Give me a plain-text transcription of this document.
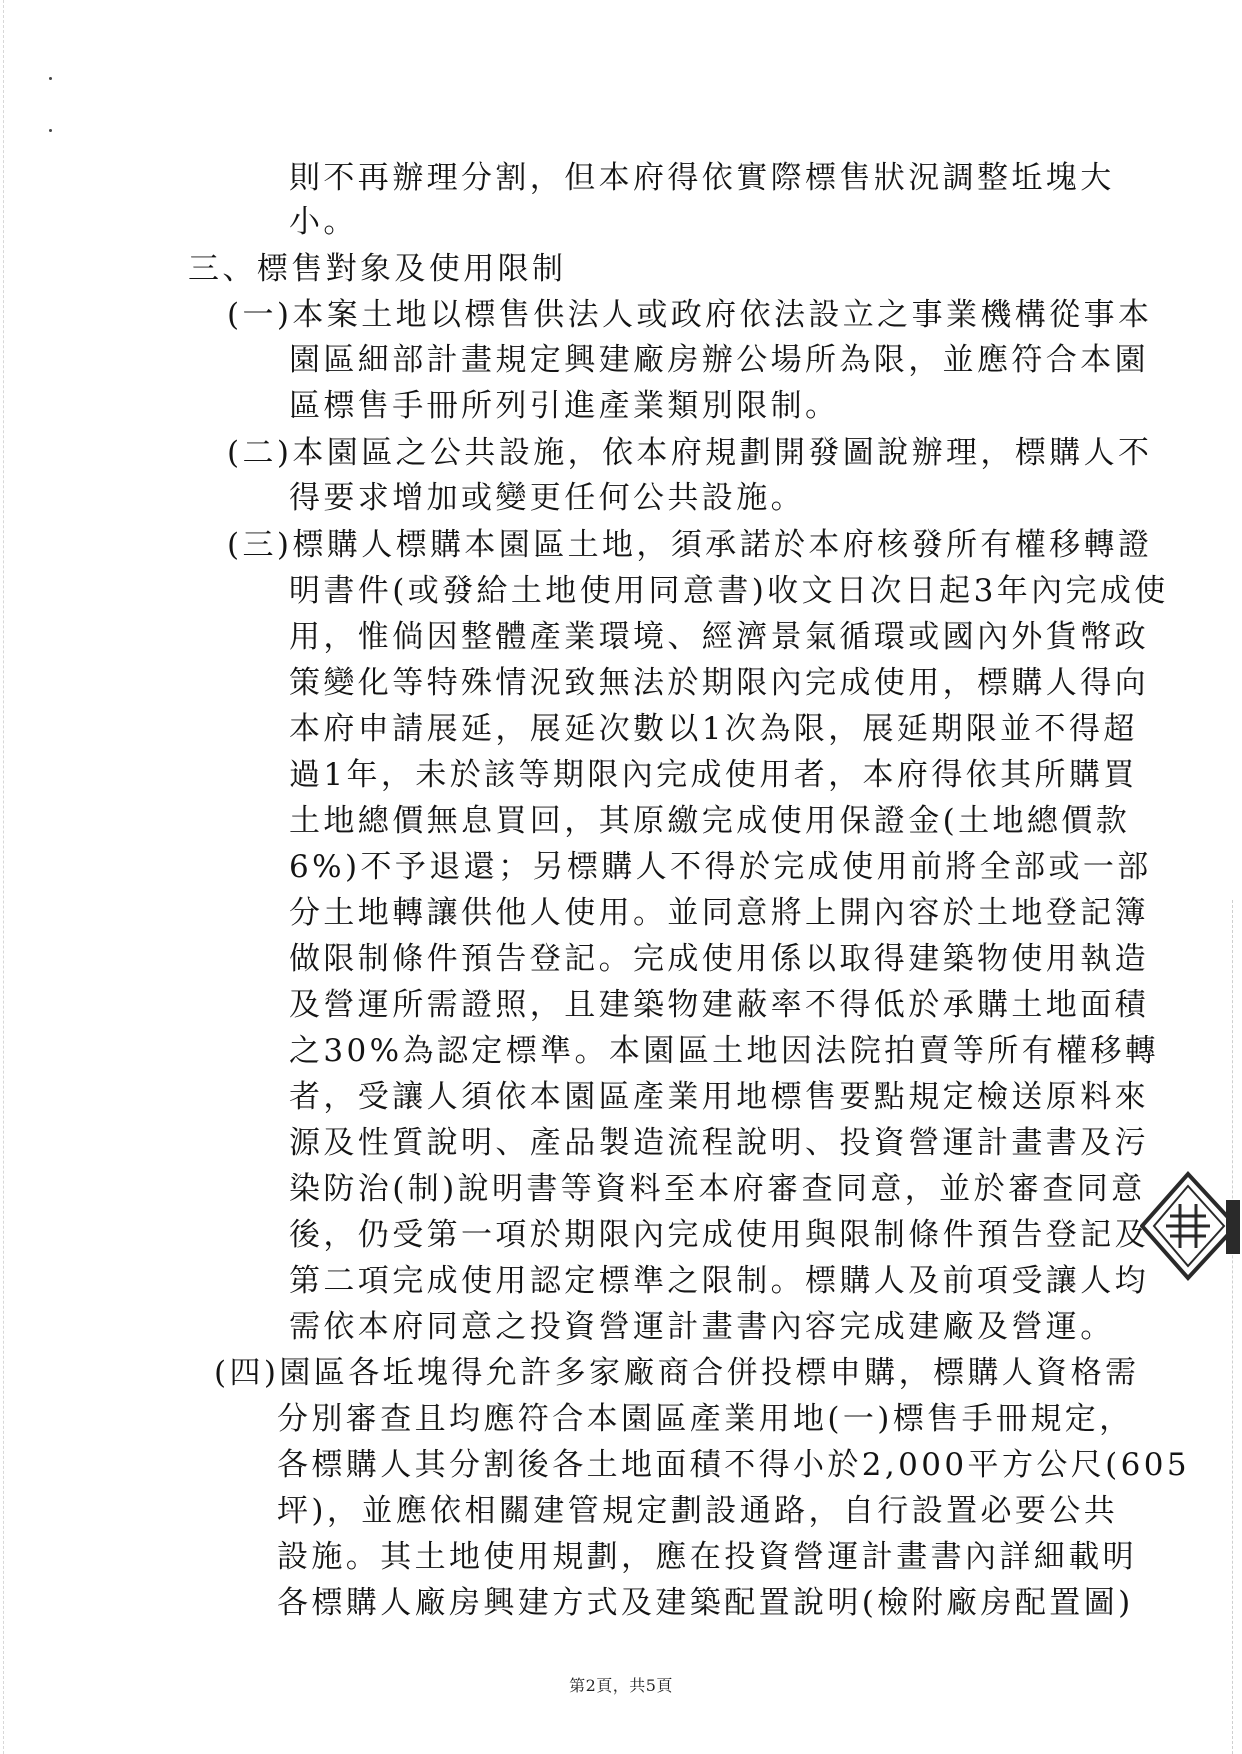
則不再辦理分割，但本府得依實際標售狀況調整坵塊大
小。
三、標售對象及使用限制
(一)本案土地以標售供法人或政府依法設立之事業機構從事本
園區細部計畫規定興建廠房辦公場所為限，並應符合本園
區標售手冊所列引進產業類別限制。
(二)本園區之公共設施，依本府規劃開發圖說辦理，標購人不
得要求增加或變更任何公共設施。
(三)標購人標購本園區土地，須承諾於本府核發所有權移轉證
明書件(或發給土地使用同意書)收文日次日起3年內完成使
用，惟倘因整體產業環境、經濟景氣循環或國內外貨幣政
策變化等特殊情況致無法於期限內完成使用，標購人得向
本府申請展延，展延次數以1次為限，展延期限並不得超
過1年，未於該等期限內完成使用者，本府得依其所購買
土地總價無息買回，其原繳完成使用保證金(土地總價款
6%)不予退還；另標購人不得於完成使用前將全部或一部
分土地轉讓供他人使用。並同意將上開內容於土地登記簿
做限制條件預告登記。完成使用係以取得建築物使用執造
及營運所需證照，且建築物建蔽率不得低於承購土地面積
之30%為認定標準。本園區土地因法院拍賣等所有權移轉
者，受讓人須依本園區產業用地標售要點規定檢送原料來
源及性質說明、產品製造流程說明、投資營運計畫書及污
染防治(制)說明書等資料至本府審查同意，並於審查同意
後，仍受第一項於期限內完成使用與限制條件預告登記及
第二項完成使用認定標準之限制。標購人及前項受讓人均
需依本府同意之投資營運計畫書內容完成建廠及營運。
(四)園區各坵塊得允許多家廠商合併投標申購，標購人資格需
分別審查且均應符合本園區產業用地(一)標售手冊規定，
各標購人其分割後各土地面積不得小於2,000平方公尺(605
坪)，並應依相關建管規定劃設通路，自行設置必要公共
設施。其土地使用規劃，應在投資營運計畫書內詳細載明
各標購人廠房興建方式及建築配置說明(檢附廠房配置圖)
第2頁，共5頁
